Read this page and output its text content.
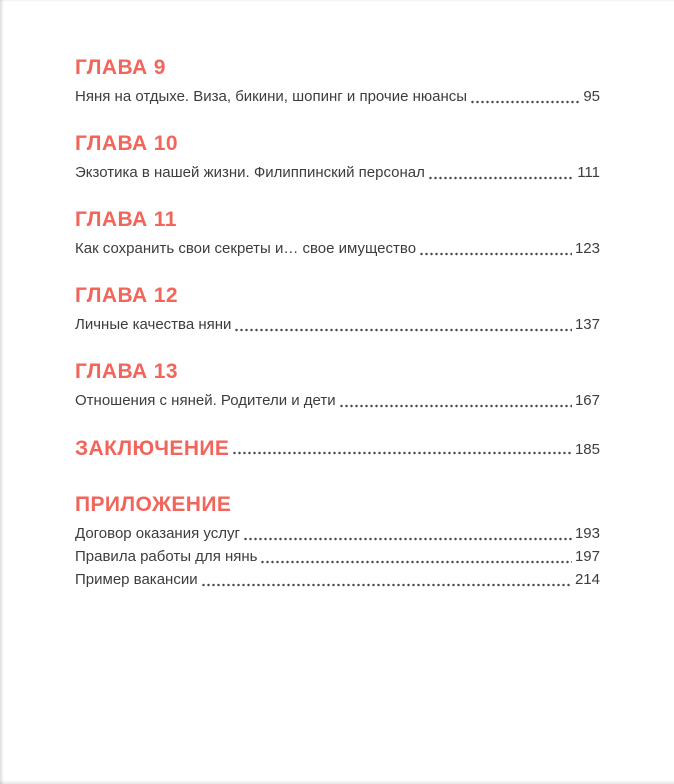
ГЛАВА 9
Няня на отдыхе. Виза, бикини, шопинг и прочие нюансы	95
ГЛАВА 10
Экзотика в нашей жизни. Филиппинский персонал	111
ГЛАВА 11
Как сохранить свои секреты и… свое имущество	123
ГЛАВА 12
Личные качества няни	137
ГЛАВА 13
Отношения с няней. Родители и дети	167
ЗАКЛЮЧЕНИЕ	185
ПРИЛОЖЕНИЕ
Договор оказания услуг	193
Правила работы для нянь	197
Пример вакансии	214
